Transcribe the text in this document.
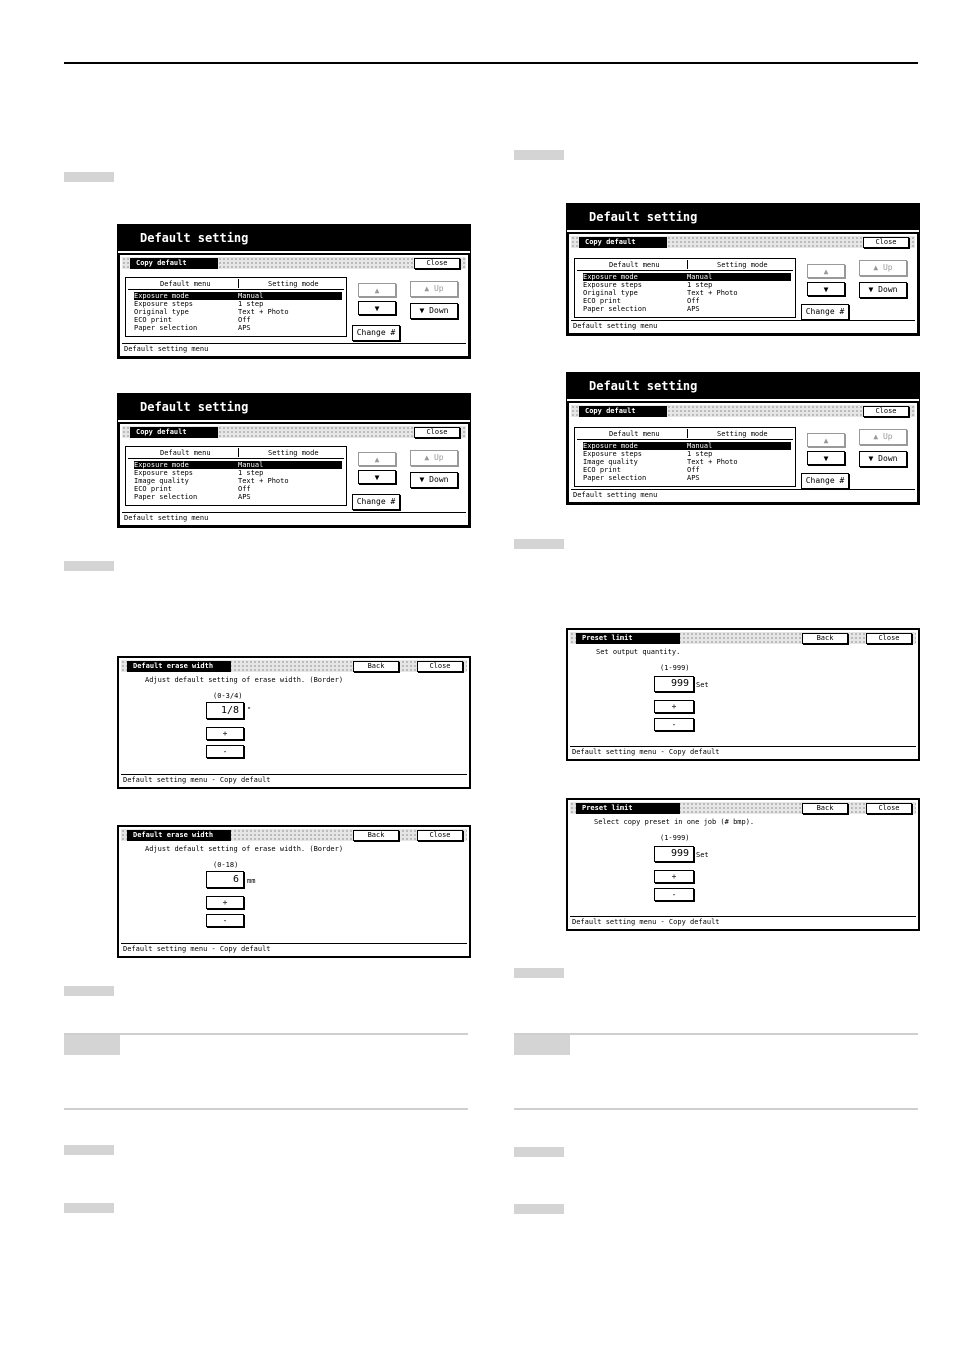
Default setting
Copy default	Close
Default menu	Setting mode
Exposure mode	Manual
Exposure steps	1 step
Original type	Text + Photo
ECO print	Off
Paper selection	APS
▲
▼
▲ Up
▼ Down
Change #
Default setting menu
Default setting
Copy default	Close
Default menu	Setting mode
Exposure mode	Manual
Exposure steps	1 step
Image quality	Text + Photo
ECO print	Off
Paper selection	APS
▲
▼
▲ Up
▼ Down
Change #
Default setting menu
Default setting
Copy default	Close
Default menu	Setting mode
Exposure mode	Manual
Exposure steps	1 step
Original type	Text + Photo
ECO print	Off
Paper selection	APS
▲
▼
▲ Up
▼ Down
Change #
Default setting menu
Default setting
Copy default	Close
Default menu	Setting mode
Exposure mode	Manual
Exposure steps	1 step
Image quality	Text + Photo
ECO print	Off
Paper selection	APS
▲
▼
▲ Up
▼ Down
Change #
Default setting menu
Default erase width	Back	Close
Adjust default setting of erase width. (Border)
(0-3/4)
1/8	"
+
-
Default setting menu - Copy default
Default erase width	Back	Close
Adjust default setting of erase width. (Border)
(0-18)
6	mm
+
-
Default setting menu - Copy default
Preset limit	Back	Close
Set output quantity.
(1-999)
999	Set
+
-
Default setting menu - Copy default
Preset limit	Back	Close
Select copy preset in one job (# bmp).
(1-999)
999	Set
+
-
Default setting menu - Copy default
